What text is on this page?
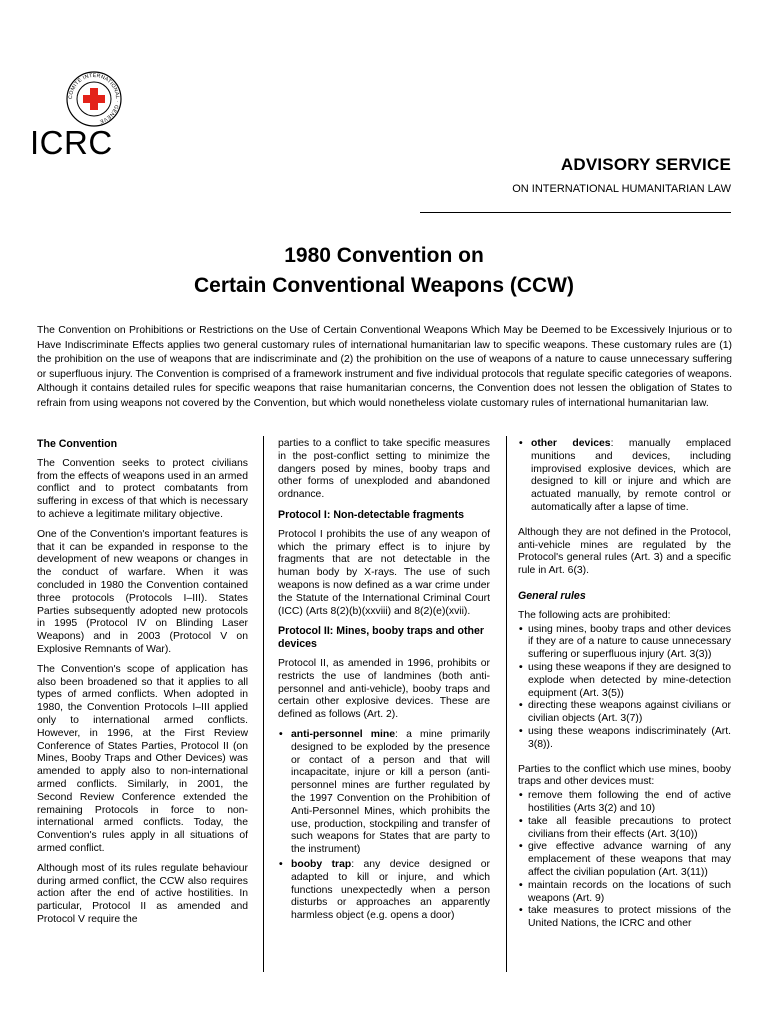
COMITÉ INTERNATIONAL · GENÈVE
ICRC
ADVISORY SERVICE
ON INTERNATIONAL HUMANITARIAN LAW
1980 Convention on
Certain Conventional Weapons (CCW)
The Convention on Prohibitions or Restrictions on the Use of Certain Conventional Weapons Which May be Deemed to be Excessively Injurious or to Have Indiscriminate Effects applies two general customary rules of international humanitarian law to specific weapons. These customary rules are (1) the prohibition on the use of weapons that are indiscriminate and (2) the prohibition on the use of weapons of a nature to cause unnecessary suffering or superfluous injury. The Convention is comprised of a framework instrument and five individual protocols that regulate specific categories of weapons. Although it contains detailed rules for specific weapons that raise humanitarian concerns, the Convention does not lessen the obligation of States to refrain from using weapons not covered by the Convention, but which would nonetheless violate customary rules of international humanitarian law.
The Convention

The Convention seeks to protect civilians from the effects of weapons used in an armed conflict and to protect combatants from suffering in excess of that which is necessary to achieve a legitimate military objective.

One of the Convention's important features is that it can be expanded in response to the development of new weapons or changes in the conduct of warfare. When it was concluded in 1980 the Convention contained three protocols (Protocols I–III). States Parties subsequently adopted new protocols in 1995 (Protocol IV on Blinding Laser Weapons) and in 2003 (Protocol V on Explosive Remnants of War).

The Convention's scope of application has also been broadened so that it applies to all types of armed conflicts. When adopted in 1980, the Convention Protocols I–III applied only to international armed conflicts. However, in 1996, at the First Review Conference of States Parties, Protocol II (on Mines, Booby Traps and Other Devices) was amended to apply also to non-international armed conflicts. Similarly, in 2001, the Second Review Conference extended the remaining Protocols in force to non-international armed conflicts. Today, the Convention's rules apply in all situations of armed conflict.

Although most of its rules regulate behaviour during armed conflict, the CCW also requires action after the end of active hostilities. In particular, Protocol II as amended and Protocol V require the

parties to a conflict to take specific measures in the post-conflict setting to minimize the dangers posed by mines, booby traps and other forms of unexploded and abandoned ordnance.

Protocol I: Non-detectable fragments

Protocol I prohibits the use of any weapon of which the primary effect is to injure by fragments that are not detectable in the human body by X-rays. The use of such weapons is now defined as a war crime under the Statute of the International Criminal Court (ICC) (Arts 8(2)(b)(xxviii) and 8(2)(e)(xvii).

Protocol II: Mines, booby traps and other devices

Protocol II, as amended in 1996, prohibits or restricts the use of landmines (both anti-personnel and anti-vehicle), booby traps and certain other explosive devices. These are defined as follows (Art. 2).

• anti-personnel mine: a mine primarily designed to be exploded by the presence or contact of a person and that will incapacitate, injure or kill a person (anti-personnel mines are further regulated by the 1997 Convention on the Prohibition of Anti-Personnel Mines, which prohibits the use, production, stockpiling and transfer of such weapons for States that are party to the instrument)
• booby trap: any device designed or adapted to kill or injure, and which functions unexpectedly when a person disturbs or approaches an apparently harmless object (e.g. opens a door)
• other devices: manually emplaced munitions and devices, including improvised explosive devices, which are designed to kill or injure and which are actuated manually, by remote control or automatically after a lapse of time.

Although they are not defined in the Protocol, anti-vehicle mines are regulated by the Protocol's general rules (Art. 3) and a specific rule in Art. 6(3).

General rules

The following acts are prohibited:

• using mines, booby traps and other devices if they are of a nature to cause unnecessary suffering or superfluous injury (Art. 3(3))
• using these weapons if they are designed to explode when detected by mine-detection equipment (Art. 3(5))
• directing these weapons against civilians or civilian objects (Art. 3(7))
• using these weapons indiscriminately (Art. 3(8)).

Parties to the conflict which use mines, booby traps and other devices must:

• remove them following the end of active hostilities (Arts 3(2) and 10)
• take all feasible precautions to protect civilians from their effects (Art. 3(10))
• give effective advance warning of any emplacement of these weapons that may affect the civilian population (Art. 3(11))
• maintain records on the locations of such weapons (Art. 9)
• take measures to protect missions of the United Nations, the ICRC and other
